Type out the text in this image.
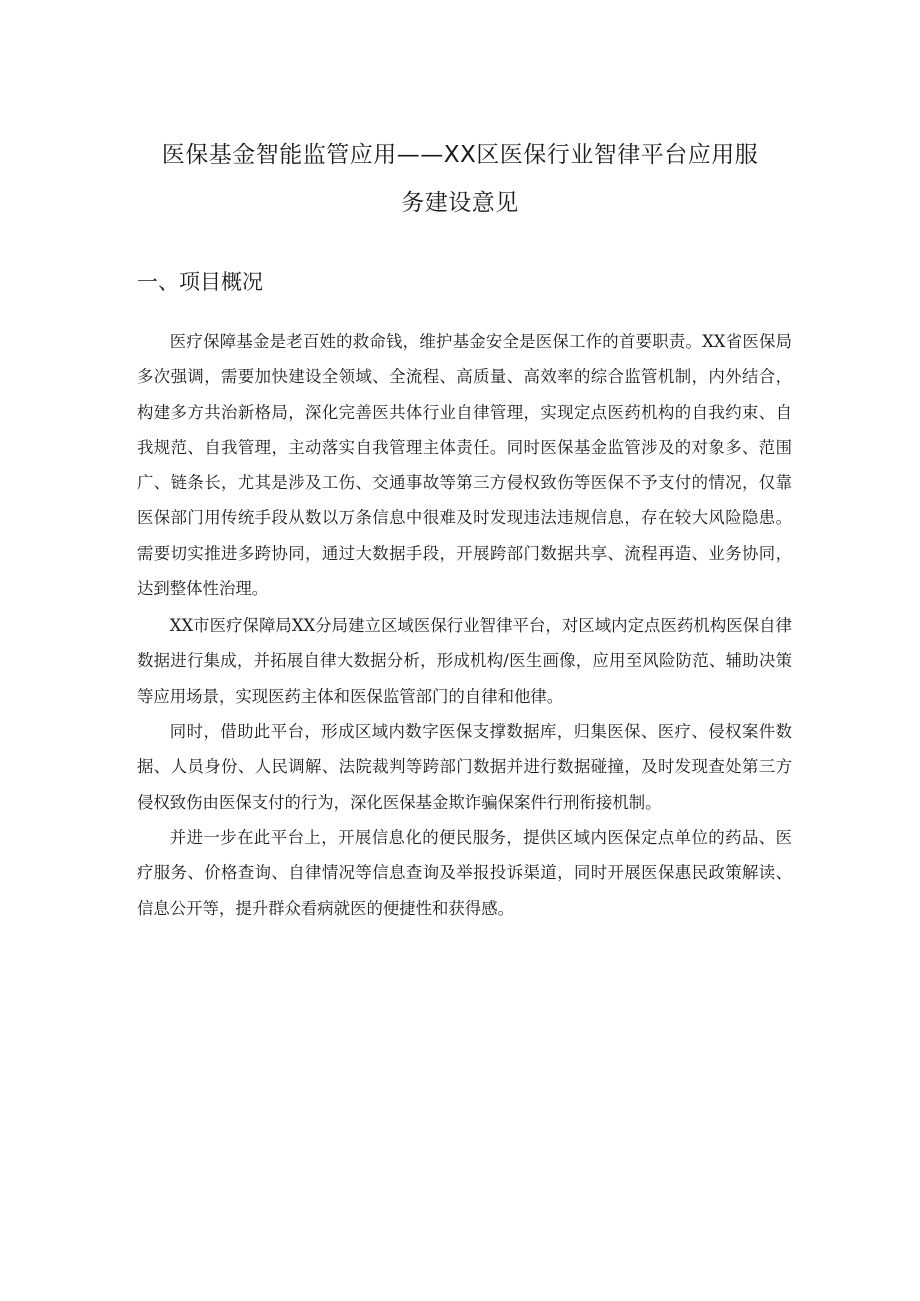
医保基金智能监管应用——XX区医保行业智律平台应用服
务建设意见
一、项目概况

医疗保障基金是老百姓的救命钱，维护基金安全是医保工作的首要职责。XX省医保局多次强调，需要加快建设全领域、全流程、高质量、高效率的综合监管机制，内外结合，构建多方共治新格局，深化完善医共体行业自律管理，实现定点医药机构的自我约束、自我规范、自我管理，主动落实自我管理主体责任。同时医保基金监管涉及的对象多、范围广、链条长，尤其是涉及工伤、交通事故等第三方侵权致伤等医保不予支付的情况，仅靠医保部门用传统手段从数以万条信息中很难及时发现违法违规信息，存在较大风险隐患。需要切实推进多跨协同，通过大数据手段，开展跨部门数据共享、流程再造、业务协同，达到整体性治理。

XX市医疗保障局XX分局建立区域医保行业智律平台，对区域内定点医药机构医保自律数据进行集成，并拓展自律大数据分析，形成机构/医生画像，应用至风险防范、辅助决策等应用场景，实现医药主体和医保监管部门的自律和他律。

同时，借助此平台，形成区域内数字医保支撑数据库，归集医保、医疗、侵权案件数据、人员身份、人民调解、法院裁判等跨部门数据并进行数据碰撞，及时发现查处第三方侵权致伤由医保支付的行为，深化医保基金欺诈骗保案件行刑衔接机制。

并进一步在此平台上，开展信息化的便民服务，提供区域内医保定点单位的药品、医疗服务、价格查询、自律情况等信息查询及举报投诉渠道，同时开展医保惠民政策解读、信息公开等，提升群众看病就医的便捷性和获得感。
